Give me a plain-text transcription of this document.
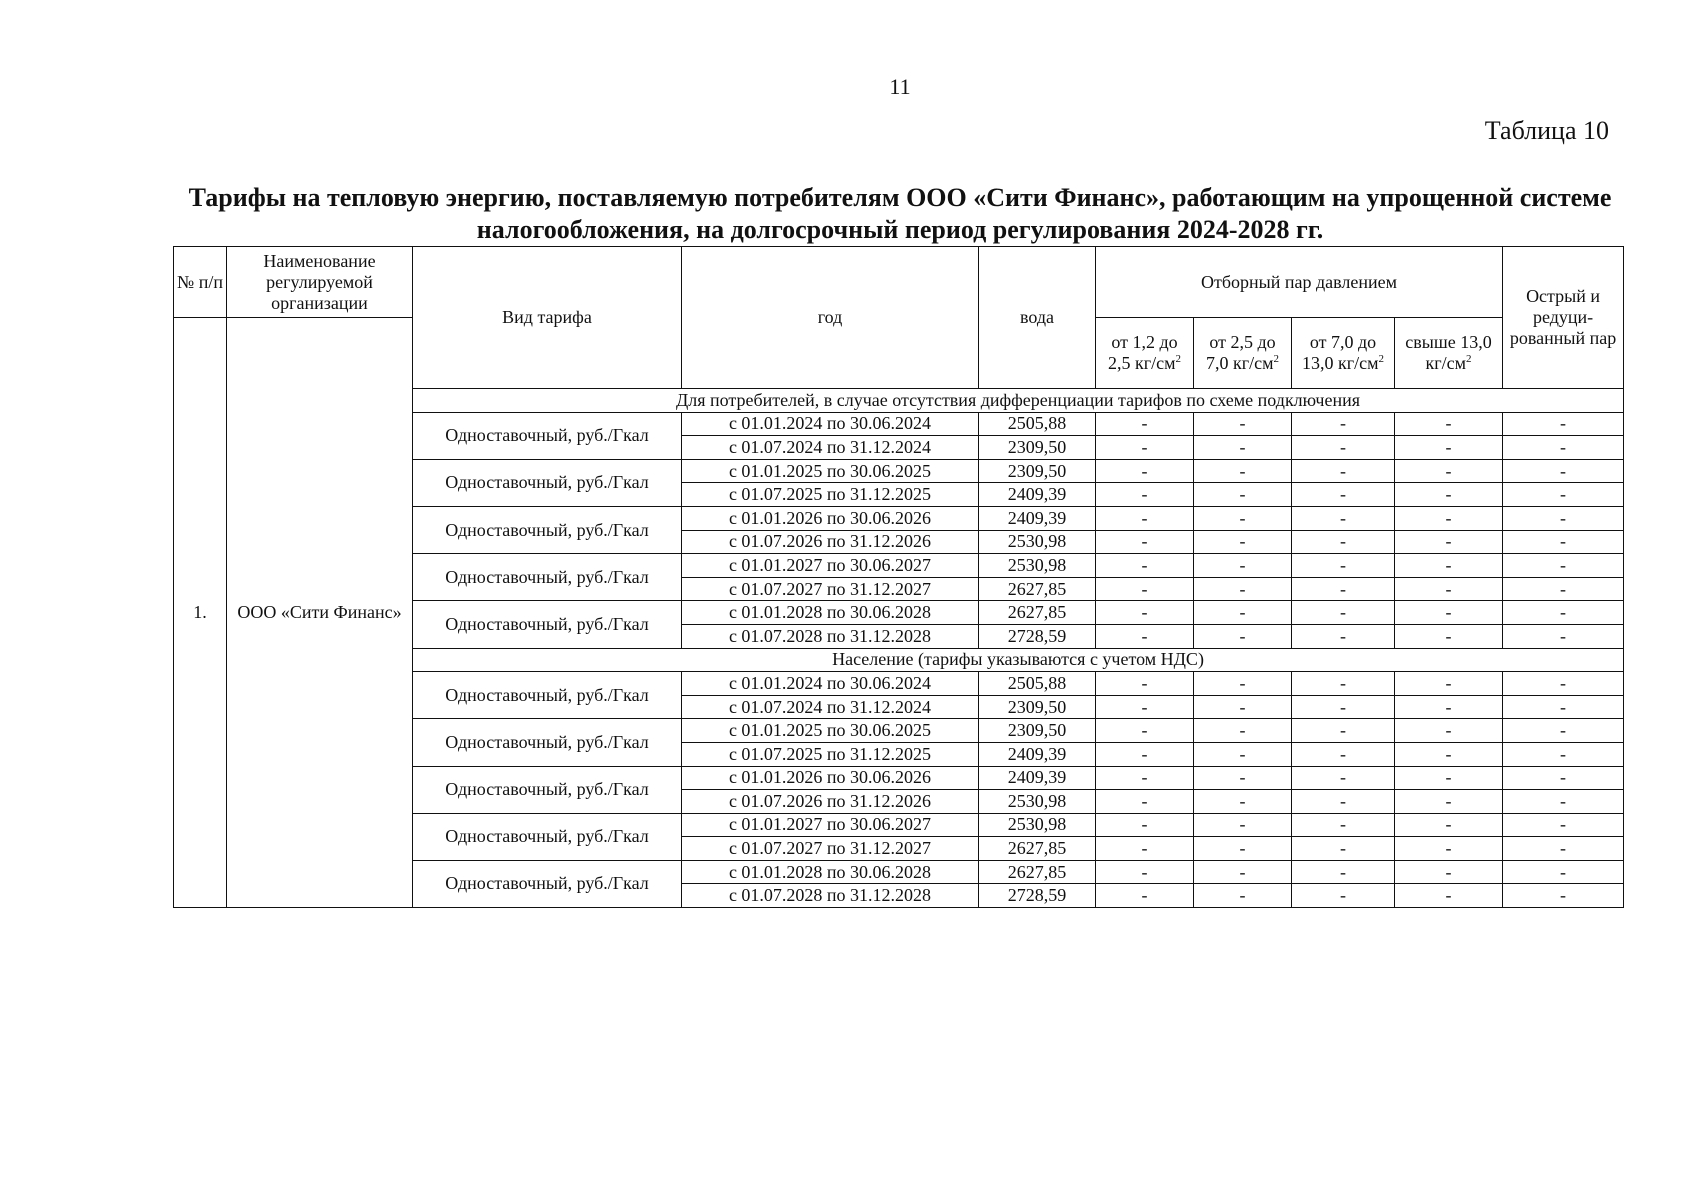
11
Таблица 10
Тарифы на тепловую энергию, поставляемую потребителям ООО «Сити Финанс», работающим на упрощенной системе налогообложения, на долгосрочный период регулирования 2024-2028 гг.
№ п/п	Наименование регулируемой организации	Вид тарифа	год	вода	Отборный пар давлением				Острый и редуци-рованный пар
1.	ООО «Сити Финанс»				от 1,2 до 2,5 $кг/см^2$	от 2,5 до 7,0 $кг/см^2$	от 7,0 до 13,0 $кг/см^2$	свыше 13,0 $кг/см^2$
		Для потребителей, в случае отсутствия дифференциации тарифов по схеме подключения							
		Одноставочный, руб./Гкал	с 01.01.2024 по 30.06.2024	2505,88	-	-	-	-	-
			с 01.07.2024 по 31.12.2024	2309,50	-	-	-	-	-
		Одноставочный, руб./Гкал	с 01.01.2025 по 30.06.2025	2309,50	-	-	-	-	-
			с 01.07.2025 по 31.12.2025	2409,39	-	-	-	-	-
		Одноставочный, руб./Гкал	с 01.01.2026 по 30.06.2026	2409,39	-	-	-	-	-
			с 01.07.2026 по 31.12.2026	2530,98	-	-	-	-	-
		Одноставочный, руб./Гкал	с 01.01.2027 по 30.06.2027	2530,98	-	-	-	-	-
			с 01.07.2027 по 31.12.2027	2627,85	-	-	-	-	-
		Одноставочный, руб./Гкал	с 01.01.2028 по 30.06.2028	2627,85	-	-	-	-	-
			с 01.07.2028 по 31.12.2028	2728,59	-	-	-	-	-
		Население (тарифы указываются с учетом НДС)							
		Одноставочный, руб./Гкал	с 01.01.2024 по 30.06.2024	2505,88	-	-	-	-	-
			с 01.07.2024 по 31.12.2024	2309,50	-	-	-	-	-
		Одноставочный, руб./Гкал	с 01.01.2025 по 30.06.2025	2309,50	-	-	-	-	-
			с 01.07.2025 по 31.12.2025	2409,39	-	-	-	-	-
		Одноставочный, руб./Гкал	с 01.01.2026 по 30.06.2026	2409,39	-	-	-	-	-
			с 01.07.2026 по 31.12.2026	2530,98	-	-	-	-	-
		Одноставочный, руб./Гкал	с 01.01.2027 по 30.06.2027	2530,98	-	-	-	-	-
			с 01.07.2027 по 31.12.2027	2627,85	-	-	-	-	-
		Одноставочный, руб./Гкал	с 01.01.2028 по 30.06.2028	2627,85	-	-	-	-	-
			с 01.07.2028 по 31.12.2028	2728,59	-	-	-	-	-
